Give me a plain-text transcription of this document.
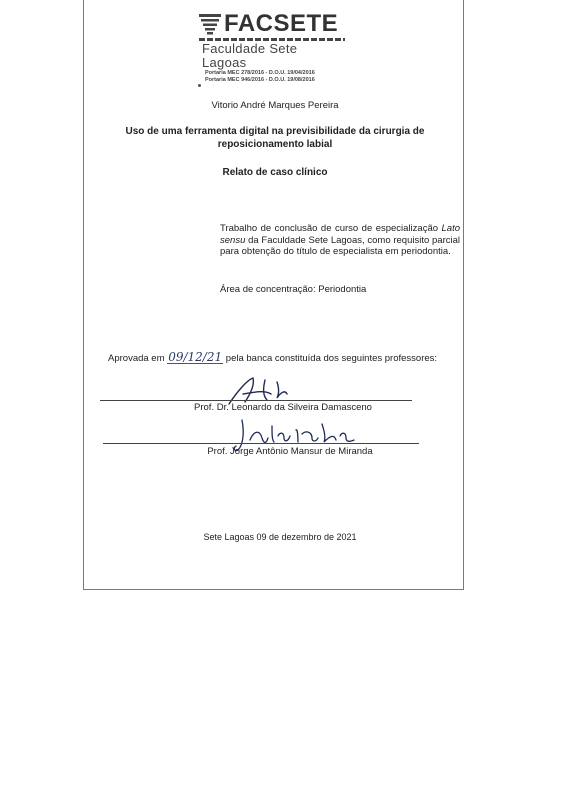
FACSETE
Faculdade Sete Lagoas
Portaria MEC 278/2016 - D.O.U. 19/04/2016
Portaria MEC 946/2016 - D.O.U. 19/08/2016
Vitorio André Marques Pereira
Uso de uma ferramenta digital na previsibilidade da cirurgia de reposicionamento labial
Relato de caso clínico
Trabalho de conclusão de curso de especialização Lato sensu da Faculdade Sete Lagoas, como requisito parcial para obtenção do título de especialista em periodontia.
Área de concentração: Periodontia
Aprovada em 09/12/21 pela banca constituída dos seguintes professores:
Prof. Dr. Leonardo da Silveira Damasceno
Prof. Jorge Antônio Mansur de Miranda
Sete Lagoas 09 de dezembro de 2021
